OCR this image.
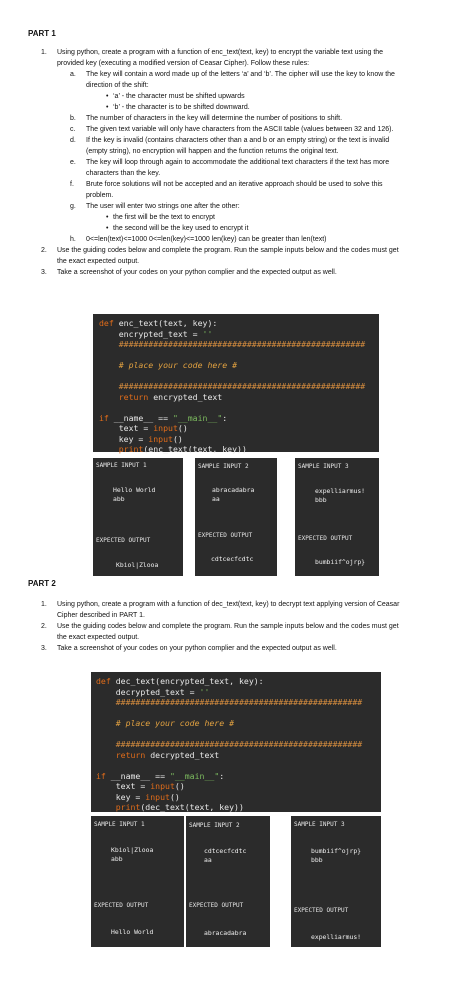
PART 1
1. Using python, create a program with a function of enc_text(text, key) to encrypt the variable text using the
provided key (executing a modified version of Ceasar Cipher). Follow these rules:
a. The key will contain a word made up of the letters ‘a’ and ‘b’. The cipher will use the key to know the
direction of the shift:
• ‘a’ - the character must be shifted upwards
• ‘b’ - the character is to be shifted downward.
b. The number of characters in the key will determine the number of positions to shift.
c. The given text variable will only have characters from the ASCII table (values between 32 and 126).
d. If the key is invalid (contains characters other than a and b or an empty string) or the text is invalid
(empty string), no encryption will happen and the function returns the original text.
e. The key will loop through again to accommodate the additional text characters if the text has more
characters than the key.
f. Brute force solutions will not be accepted and an iterative approach should be used to solve this
problem.
g. The user will enter two strings one after the other:
• the first will be the text to encrypt
• the second will be the key used to encrypt it
h. 0<=len(text)<=1000 0<=len(key)<=1000 len(key) can be greater than len(text)
2. Use the guiding codes below and complete the program. Run the sample inputs below and the codes must get
the exact expected output.
3. Take a screenshot of your codes on your python complier and the expected output as well.
def enc_text(text, key):
encrypted_text = ''
##################################################

# place your code here #

##################################################
return encrypted_text

if __name__ == "__main__":
text = input()
key = input()
print(enc_text(text, key))
SAMPLE INPUT 1
Hello World
abb
EXPECTED OUTPUT
Kbiol|Zlooa
SAMPLE INPUT 2
abracadabra
aa
EXPECTED OUTPUT
cdtcecfcdtc
SAMPLE INPUT 3
expelliarmus!
bbb
EXPECTED OUTPUT
bumbiif^ojrp}
PART 2
1. Using python, create a program with a function of dec_text(text, key) to decrypt text applying version of Ceasar
Cipher described in PART 1.
2. Use the guiding codes below and complete the program. Run the sample inputs below and the codes must get
the exact expected output.
3. Take a screenshot of your codes on your python complier and the expected output as well.
def dec_text(encrypted_text, key):
decrypted_text = ''
##################################################

# place your code here #

##################################################
return decrypted_text

if __name__ == "__main__":
text = input()
key = input()
print(dec_text(text, key))
SAMPLE INPUT 1
Kbiol|Zlooa
abb
EXPECTED OUTPUT
Hello World
SAMPLE INPUT 2
cdtcecfcdtc
aa
EXPECTED OUTPUT
abracadabra
SAMPLE INPUT 3
bumbiif^ojrp}
bbb
EXPECTED OUTPUT
expelliarmus!
